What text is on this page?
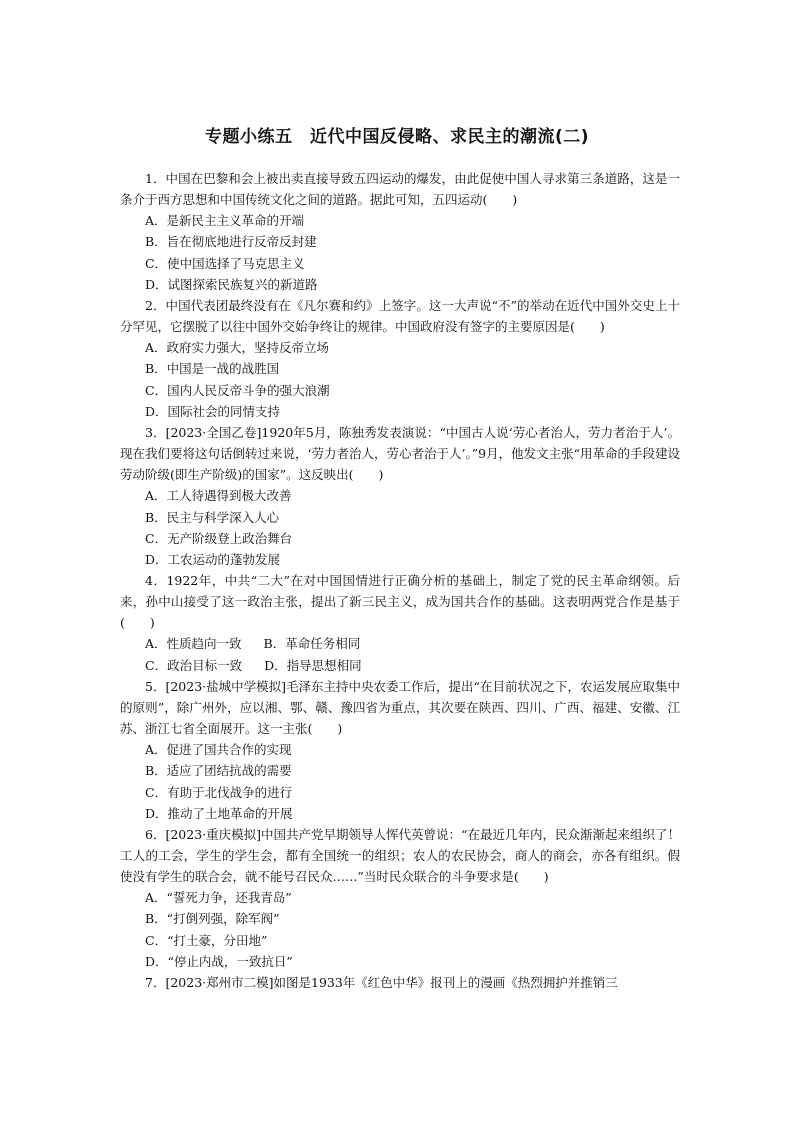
专题小练五　近代中国反侵略、求民主的潮流(二)

1．中国在巴黎和会上被出卖直接导致五四运动的爆发，由此促使中国人寻求第三条道路，这是一条介于西方思想和中国传统文化之间的道路。据此可知，五四运动(　　)

A．是新民主主义革命的开端

B．旨在彻底地进行反帝反封建

C．使中国选择了马克思主义

D．试图探索民族复兴的新道路

2．中国代表团最终没有在《凡尔赛和约》上签字。这一大声说“不”的举动在近代中国外交史上十分罕见，它摆脱了以往中国外交始争终让的规律。中国政府没有签字的主要原因是(　　)

A．政府实力强大，坚持反帝立场

B．中国是一战的战胜国

C．国内人民反帝斗争的强大浪潮

D．国际社会的同情支持

3．[2023·全国乙卷]1920年5月，陈独秀发表演说：“中国古人说‘劳心者治人，劳力者治于人’。现在我们要将这句话倒转过来说，‘劳力者治人，劳心者治于人’。”9月，他发文主张“用革命的手段建设劳动阶级(即生产阶级)的国家”。这反映出(　　)

A．工人待遇得到极大改善

B．民主与科学深入人心

C．无产阶级登上政治舞台

D．工农运动的蓬勃发展

4．1922年，中共“二大”在对中国国情进行正确分析的基础上，制定了党的民主革命纲领。后来，孙中山接受了这一政治主张，提出了新三民主义，成为国共合作的基础。这表明两党合作是基于(　　)

A．性质趋向一致 B．革命任务相同

C．政治目标一致 D．指导思想相同

5．[2023·盐城中学模拟]毛泽东主持中央农委工作后，提出“在目前状况之下，农运发展应取集中的原则”，除广州外，应以湘、鄂、赣、豫四省为重点，其次要在陕西、四川、广西、福建、安徽、江苏、浙江七省全面展开。这一主张(　　)

A．促进了国共合作的实现

B．适应了团结抗战的需要

C．有助于北伐战争的进行

D．推动了土地革命的开展

6．[2023·重庆模拟]中国共产党早期领导人恽代英曾说：“在最近几年内，民众渐渐起来组织了！工人的工会，学生的学生会，都有全国统一的组织；农人的农民协会，商人的商会，亦各有组织。假使没有学生的联合会，就不能号召民众……”当时民众联合的斗争要求是(　　)

A．“誓死力争，还我青岛”

B．“打倒列强，除军阀”

C．“打土豪，分田地”

D．“停止内战，一致抗日”

7．[2023·郑州市二模]如图是1933年《红色中华》报刊上的漫画《热烈拥护并推销三
